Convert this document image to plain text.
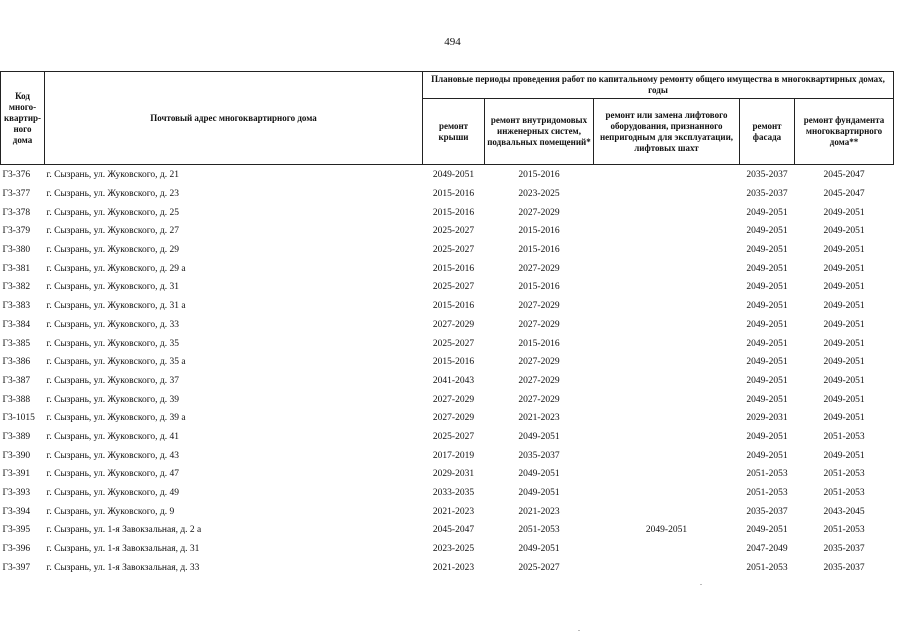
494
Код много-квартир-ного дома	Почтовый адрес многоквартирного дома	Плановые периоды проведения работ по капитальному ремонту общего имущества в многоквартирных домах, годы				
		ремонт крыши	ремонт внутридомовых инженерных систем, подвальных помещений*	ремонт или замена лифтового оборудования, признанного непригодным для эксплуатации, лифтовых шахт	ремонт фасада	ремонт фундамента многоквартирного дома**
Г3-376	г. Сызрань, ул. Жуковского, д. 21	2049-2051	2015-2016		2035-2037	2045-2047
Г3-377	г. Сызрань, ул. Жуковского, д. 23	2015-2016	2023-2025		2035-2037	2045-2047
Г3-378	г. Сызрань, ул. Жуковского, д. 25	2015-2016	2027-2029		2049-2051	2049-2051
Г3-379	г. Сызрань, ул. Жуковского, д. 27	2025-2027	2015-2016		2049-2051	2049-2051
Г3-380	г. Сызрань, ул. Жуковского, д. 29	2025-2027	2015-2016		2049-2051	2049-2051
Г3-381	г. Сызрань, ул. Жуковского, д. 29 а	2015-2016	2027-2029		2049-2051	2049-2051
Г3-382	г. Сызрань, ул. Жуковского, д. 31	2025-2027	2015-2016		2049-2051	2049-2051
Г3-383	г. Сызрань, ул. Жуковского, д. 31 а	2015-2016	2027-2029		2049-2051	2049-2051
Г3-384	г. Сызрань, ул. Жуковского, д. 33	2027-2029	2027-2029		2049-2051	2049-2051
Г3-385	г. Сызрань, ул. Жуковского, д. 35	2025-2027	2015-2016		2049-2051	2049-2051
Г3-386	г. Сызрань, ул. Жуковского, д. 35 а	2015-2016	2027-2029		2049-2051	2049-2051
Г3-387	г. Сызрань, ул. Жуковского, д. 37	2041-2043	2027-2029		2049-2051	2049-2051
Г3-388	г. Сызрань, ул. Жуковского, д. 39	2027-2029	2027-2029		2049-2051	2049-2051
Г3-1015	г. Сызрань, ул. Жуковского, д. 39 а	2027-2029	2021-2023		2029-2031	2049-2051
Г3-389	г. Сызрань, ул. Жуковского, д. 41	2025-2027	2049-2051		2049-2051	2051-2053
Г3-390	г. Сызрань, ул. Жуковского, д. 43	2017-2019	2035-2037		2049-2051	2049-2051
Г3-391	г. Сызрань, ул. Жуковского, д. 47	2029-2031	2049-2051		2051-2053	2051-2053
Г3-393	г. Сызрань, ул. Жуковского, д. 49	2033-2035	2049-2051		2051-2053	2051-2053
Г3-394	г. Сызрань, ул. Жуковского, д. 9	2021-2023	2021-2023		2035-2037	2043-2045
Г3-395	г. Сызрань, ул. 1-я Завокзальная, д. 2 а	2045-2047	2051-2053	2049-2051	2049-2051	2051-2053
Г3-396	г. Сызрань, ул. 1-я Завокзальная, д. 31	2023-2025	2049-2051		2047-2049	2035-2037
Г3-397	г. Сызрань, ул. 1-я Завокзальная, д. 33	2021-2023	2025-2027		2051-2053	2035-2037
